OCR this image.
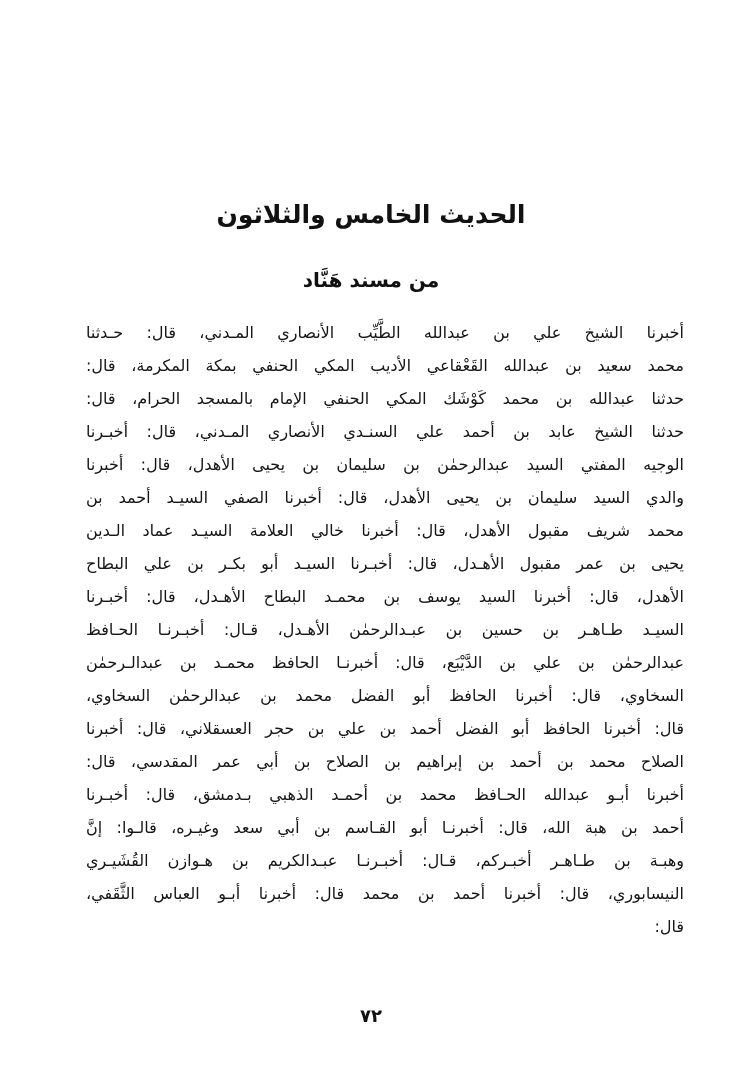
الحديث الخامس والثلاثون
من مسند هَنَّاد
أخبرنا الشيخ علي بن عبدالله الطَّيِّب الأنصاري المـدني، قال: حـدثنا
محمد سعيد بن عبدالله القَعْقاعي الأديب المكي الحنفي بمكة المكرمة، قال:
حدثنا عبدالله بن محمد كَوْشَك المكي الحنفي الإمام بالمسجد الحرام، قال:
حدثنا الشيخ عابد بن أحمد علي السنـدي الأنصاري المـدني، قال: أخبـرنا
الوجيه المفتي السيد عبدالرحمٰن بن سليمان بن يحيى الأهدل، قال: أخبرنا
والدي السيد سليمان بن يحيى الأهدل، قال: أخبرنا الصفي السيـد أحمد بن
محمد شريف مقبول الأهدل، قال: أخبرنا خالي العلامة السيـد عماد الـدين
يحيى بن عمر مقبول الأهـدل، قال: أخبـرنا السيـد أبو بكـر بن علي البطاح
الأهدل، قال: أخبرنا السيد يوسف بن محمـد البطاح الأهـدل، قال: أخبـرنا
السيـد طـاهـر بن حسين بن عبـدالرحمٰن الأهـدل، قـال: أخبـرنـا الحـافظ
عبدالرحمٰن بن علي بن الدَّيْبَع، قال: أخبرنـا الحافظ محمـد بن عبدالـرحمٰن
السخاوي، قال: أخبرنا الحافظ أبو الفضل محمد بن عبدالرحمٰن السخاوي،
قال: أخبرنا الحافظ أبو الفضل أحمد بن علي بن حجر العسقلاني، قال: أخبرنا
الصلاح محمد بن أحمد بن إبراهيم بن الصلاح بن أبي عمر المقدسي، قال:
أخبرنا أبـو عبدالله الحـافظ محمد بن أحمـد الذهبي بـدمشق، قال: أخبـرنا
أحمد بن هبة الله، قال: أخبرنـا أبو القـاسم بن أبي سعد وغيـره، قالـوا: إنَّ
وهبـة بن طـاهـر أخبـركم، قـال: أخبـرنـا عبـدالكريم بن هـوازن القُشَيـري
النيسابوري، قال: أخبرنا أحمد بن محمد قال: أخبرنا أبـو العباس الثَّقَفي،
قال:
٧٢
